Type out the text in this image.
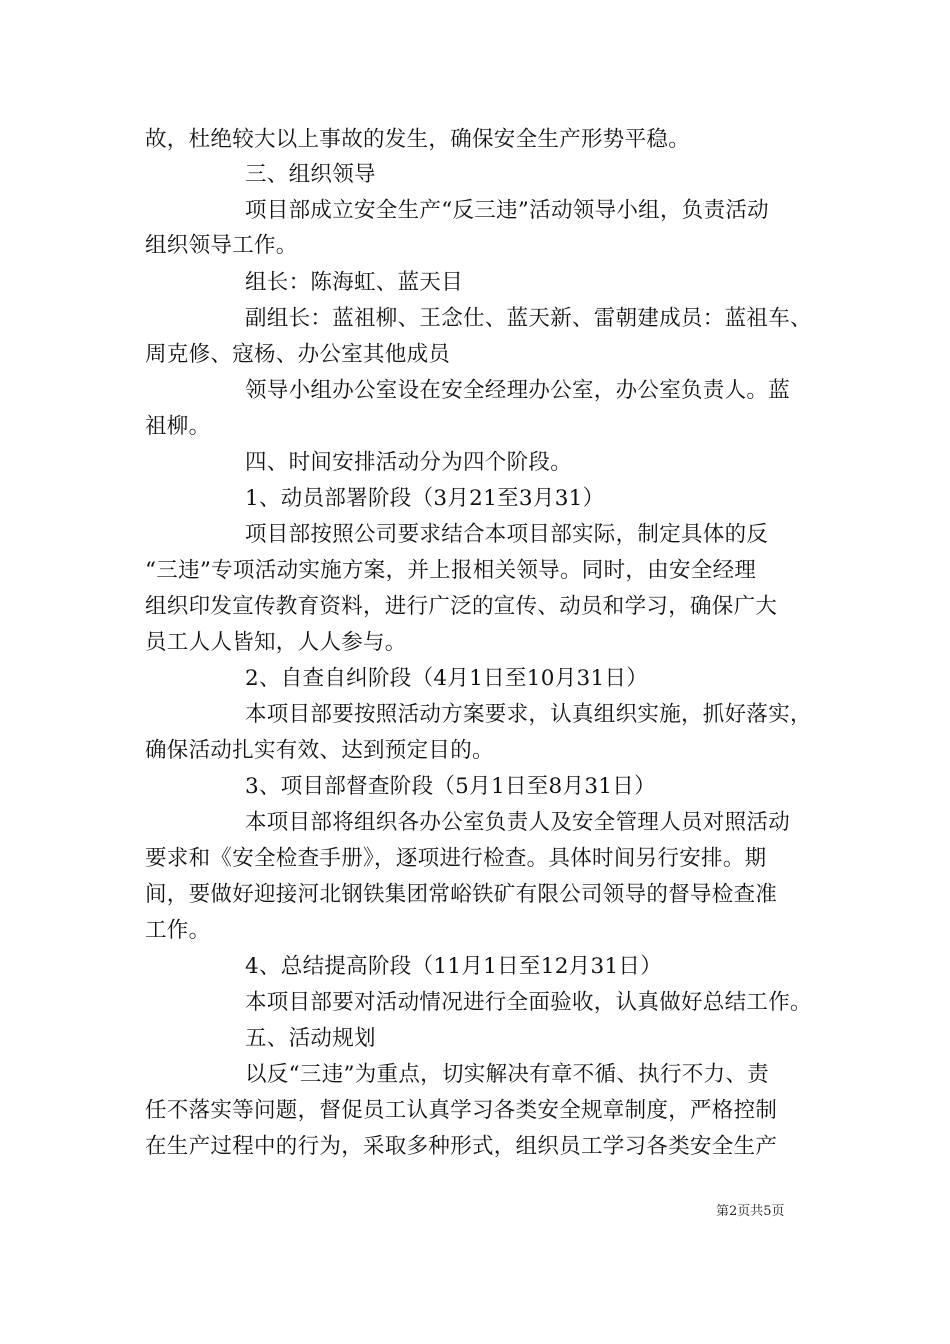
故，杜绝较大以上事故的发生，确保安全生产形势平稳。
三、组织领导
项目部成立安全生产“反三违”活动领导小组，负责活动
组织领导工作。
组长：陈海虹、蓝天目
副组长：蓝祖柳、王念仕、蓝天新、雷朝建成员：蓝祖车、
周克修、寇杨、办公室其他成员
领导小组办公室设在安全经理办公室，办公室负责人。蓝
祖柳。
四、时间安排活动分为四个阶段。
1、动员部署阶段（3月21至3月31）
项目部按照公司要求结合本项目部实际，制定具体的反
“三违”专项活动实施方案，并上报相关领导。同时，由安全经理
组织印发宣传教育资料，进行广泛的宣传、动员和学习，确保广大
员工人人皆知，人人参与。
2、自查自纠阶段（4月1日至10月31日）
本项目部要按照活动方案要求，认真组织实施，抓好落实，
确保活动扎实有效、达到预定目的。
3、项目部督查阶段（5月1日至8月31日）
本项目部将组织各办公室负责人及安全管理人员对照活动
要求和《安全检查手册》，逐项进行检查。具体时间另行安排。期
间，要做好迎接河北钢铁集团常峪铁矿有限公司领导的督导检查准
工作。
4、总结提高阶段（11月1日至12月31日）
本项目部要对活动情况进行全面验收，认真做好总结工作。
五、活动规划
以反“三违”为重点，切实解决有章不循、执行不力、责
任不落实等问题，督促员工认真学习各类安全规章制度，严格控制
在生产过程中的行为，采取多种形式，组织员工学习各类安全生产
第2页共5页
